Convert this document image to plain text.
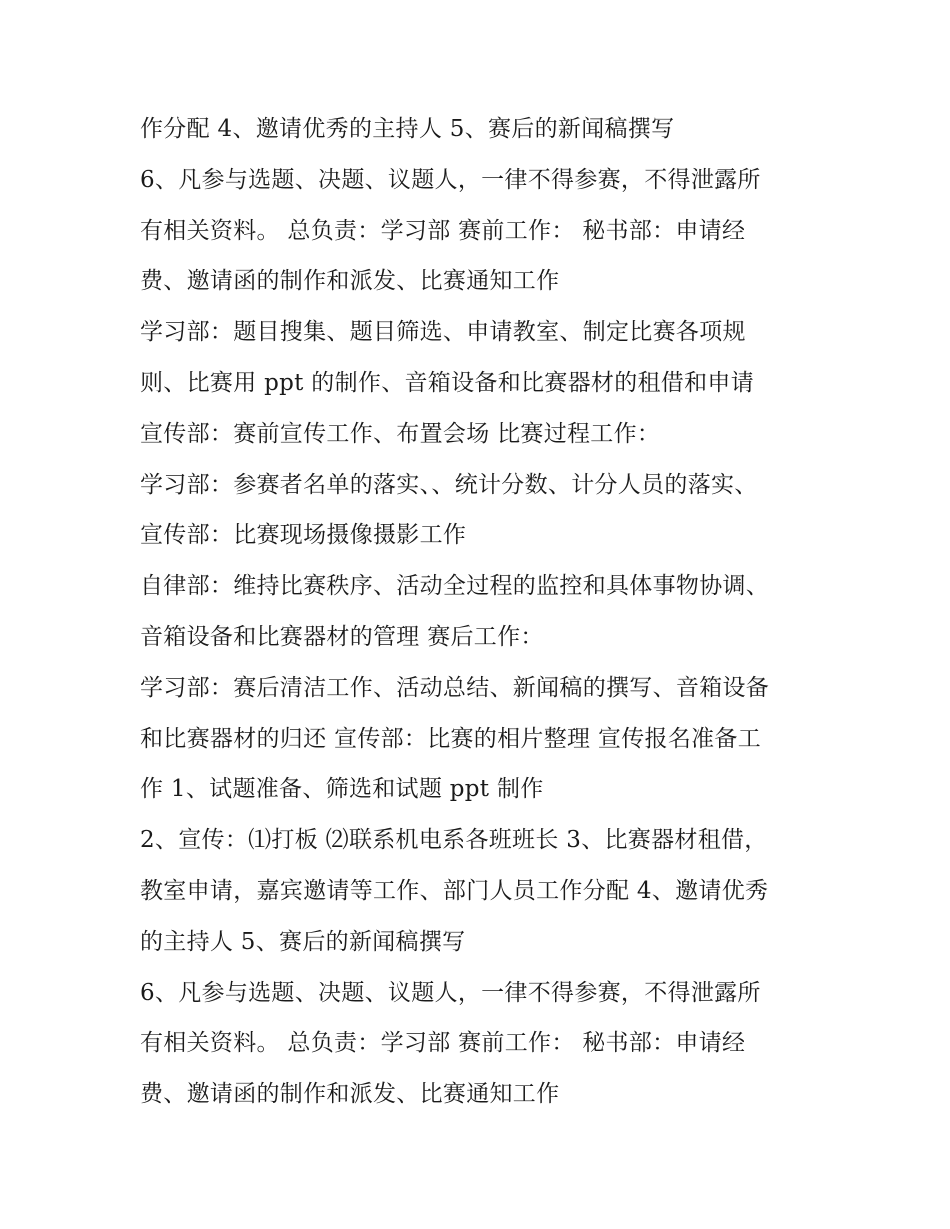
作分配 4、邀请优秀的主持人 5、赛后的新闻稿撰写
6、凡参与选题、决题、议题人，一律不得参赛，不得泄露所
有相关资料。 总负责：学习部 赛前工作： 秘书部：申请经
费、邀请函的制作和派发、比赛通知工作
学习部：题目搜集、题目筛选、申请教室、制定比赛各项规
则、比赛用 ppt 的制作、音箱设备和比赛器材的租借和申请
宣传部：赛前宣传工作、布置会场 比赛过程工作：
学习部：参赛者名单的落实、、统计分数、计分人员的落实、
宣传部：比赛现场摄像摄影工作
自律部：维持比赛秩序、活动全过程的监控和具体事物协调、
音箱设备和比赛器材的管理 赛后工作：
学习部：赛后清洁工作、活动总结、新闻稿的撰写、音箱设备
和比赛器材的归还 宣传部：比赛的相片整理 宣传报名准备工
作 1、试题准备、筛选和试题 ppt 制作
2、宣传：⑴打板 ⑵联系机电系各班班长 3、比赛器材租借，
教室申请，嘉宾邀请等工作、部门人员工作分配 4、邀请优秀
的主持人 5、赛后的新闻稿撰写
6、凡参与选题、决题、议题人，一律不得参赛，不得泄露所
有相关资料。 总负责：学习部 赛前工作： 秘书部：申请经
费、邀请函的制作和派发、比赛通知工作
